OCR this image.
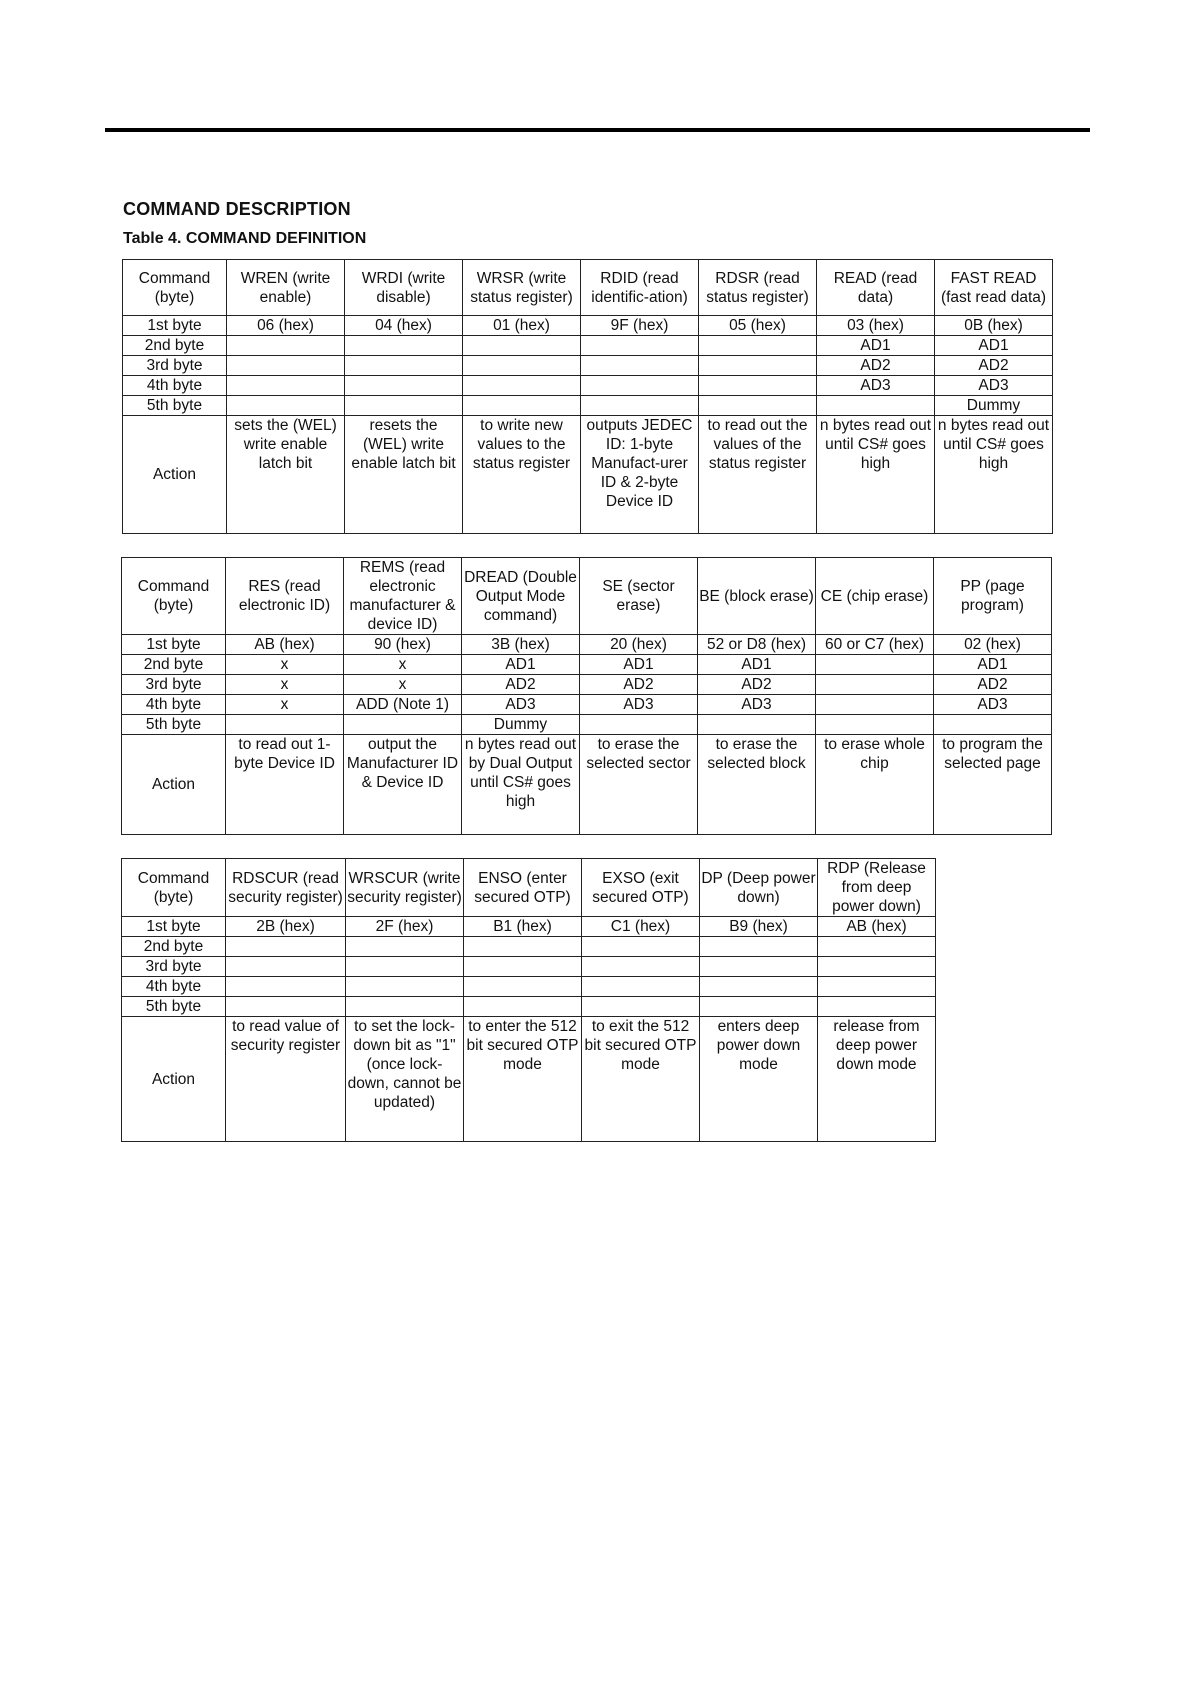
COMMAND DESCRIPTION
Table 4. COMMAND DEFINITION
Command (byte)	WREN (write enable)	WRDI (write disable)	WRSR (write status register)	RDID (read identific-ation)	RDSR (read status register)	READ (read data)	FAST READ (fast read data)
1st byte	06 (hex)	04 (hex)	01 (hex)	9F (hex)	05 (hex)	03 (hex)	0B (hex)
2nd byte						AD1	AD1
3rd byte						AD2	AD2
4th byte						AD3	AD3
5th byte							Dummy
Action	sets the (WEL) write enable latch bit	resets the (WEL) write enable latch bit	to write new values to the status register	outputs JEDEC ID: 1-byte Manufact-urer ID & 2-byte Device ID	to read out the values of the status register	n bytes read out until CS# goes high	n bytes read out until CS# goes high
Command (byte)	RES (read electronic ID)	REMS (read electronic manufacturer & device ID)	DREAD (Double Output Mode command)	SE (sector erase)	BE (block erase)	CE (chip erase)	PP (page program)
1st byte	AB (hex)	90 (hex)	3B (hex)	20 (hex)	52 or D8 (hex)	60 or C7 (hex)	02 (hex)
2nd byte	x	x	AD1	AD1	AD1		AD1
3rd byte	x	x	AD2	AD2	AD2		AD2
4th byte	x	ADD (Note 1)	AD3	AD3	AD3		AD3
5th byte			Dummy				
Action	to read out 1-byte Device ID	output the Manufacturer ID & Device ID	n bytes read out by Dual Output until CS# goes high	to erase the selected sector	to erase the selected block	to erase whole chip	to program the selected page
Command (byte)	RDSCUR (read security register)	WRSCUR (write security register)	ENSO (enter secured OTP)	EXSO (exit secured OTP)	DP (Deep power down)	RDP (Release from deep power down)
1st byte	2B (hex)	2F (hex)	B1 (hex)	C1 (hex)	B9 (hex)	AB (hex)
2nd byte						
3rd byte						
4th byte						
5th byte						
Action	to read value of security register	to set the lock-down bit as "1" (once lock-down, cannot be updated)	to enter the 512 bit secured OTP mode	to exit the 512 bit secured OTP mode	enters deep power down mode	release from deep power down mode
